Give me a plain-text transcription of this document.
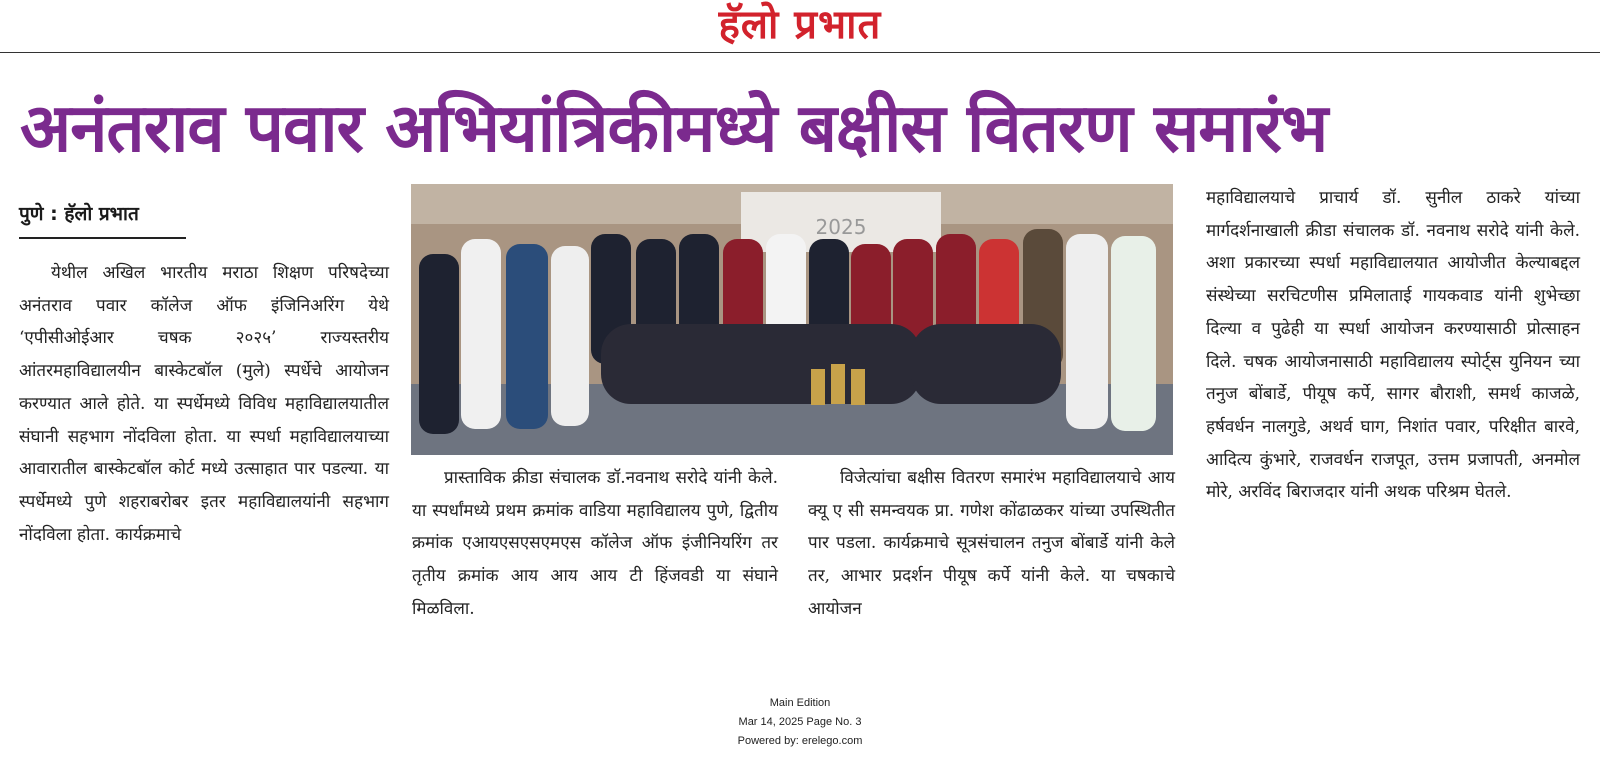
हॅलो प्रभात
अनंतराव पवार अभियांत्रिकीमध्ये बक्षीस वितरण समारंभ
पुणे : हॅलो प्रभात

येथील अखिल भारतीय मराठा शिक्षण परिषदेच्या अनंतराव पवार कॉलेज ऑफ इंजिनिअरिंग येथे ‘एपीसीओईआर चषक २०२५’ राज्यस्तरीय आंतरमहाविद्यालयीन बास्केटबॉल (मुले) स्पर्धेचे आयोजन करण्यात आले होते. या स्पर्धेमध्ये विविध महाविद्यालयातील संघानी सहभाग नोंदविला होता. या स्पर्धा महाविद्यालयाच्या आवारातील बास्केटबॉल कोर्ट मध्ये उत्साहात पार पडल्या. या स्पर्धेमध्ये पुणे शहराबरोबर इतर महाविद्यालयांनी सहभाग नोंदविला होता. कार्यक्रमाचे

2025

प्रास्ताविक क्रीडा संचालक डॉ.नवनाथ सरोदे यांनी केले. या स्पर्धांमध्ये प्रथम क्रमांक वाडिया महाविद्यालय पुणे, द्वितीय क्रमांक एआयएसएसएमएस कॉलेज ऑफ इंजीनियरिंग तर तृतीय क्रमांक आय आय आय टी हिंजवडी या संघाने मिळविला.

विजेत्यांचा बक्षीस वितरण समारंभ महाविद्यालयाचे आय क्यू ए सी समन्वयक प्रा. गणेश कोंढाळकर यांच्या उपस्थितीत पार पडला. कार्यक्रमाचे सूत्रसंचालन तनुज बोंबार्डे यांनी केले तर, आभार प्रदर्शन पीयूष कर्पे यांनी केले. या चषकाचे आयोजन

महाविद्यालयाचे प्राचार्य डॉ. सुनील ठाकरे यांच्या मार्गदर्शनाखाली क्रीडा संचालक डॉ. नवनाथ सरोदे यांनी केले. अशा प्रकारच्या स्पर्धा महाविद्यालयात आयोजीत केल्याबद्दल संस्थेच्या सरचिटणीस प्रमिलाताई गायकवाड यांनी शुभेच्छा दिल्या व पुढेही या स्पर्धा आयोजन करण्यासाठी प्रोत्साहन दिले. चषक आयोजनासाठी महाविद्यालय स्पोर्ट्स युनियन च्या तनुज बोंबार्डे, पीयूष कर्पे, सागर बौराशी, समर्थ काजळे, हर्षवर्धन नालगुडे, अथर्व घाग, निशांत पवार, परिक्षीत बारवे, आदित्य कुंभारे, राजवर्धन राजपूत, उत्तम प्रजापती, अनमोल मोरे, अरविंद बिराजदार यांनी अथक परिश्रम घेतले.

Main Edition
Mar 14, 2025 Page No. 3
Powered by: erelego.com
